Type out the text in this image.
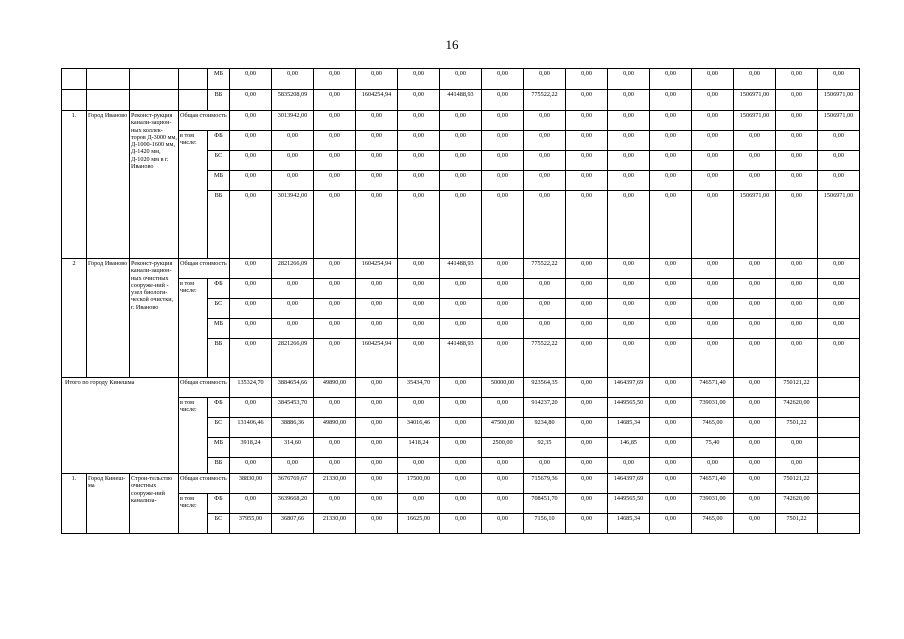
16
				МБ	0,00	0,00	0,00	0,00	0,00	0,00	0,00	0,00	0,00	0,00	0,00	0,00	0,00	0,00	0,00
				ВБ	0,00	5835208,09	0,00	1604254,94	0,00	441488,93	0,00	775522,22	0,00	0,00	0,00	0,00	1506971,00	0,00	1506971,00
1.	Город Иваново	Реконст-рукция канали-зацион-ных коллек-торов Д-3000 мм, Д-1000-1600 мм, Д-1420 мм, Д-1020 мм в г. Иваново	Общая стоимость		0,00	3013942,00	0,00	0,00	0,00	0,00	0,00	0,00	0,00	0,00	0,00	0,00	1506971,00	0,00	1506971,00
			в том числе:	ФБ	0,00	0,00	0,00	0,00	0,00	0,00	0,00	0,00	0,00	0,00	0,00	0,00	0,00	0,00	0,00
				БС	0,00	0,00	0,00	0,00	0,00	0,00	0,00	0,00	0,00	0,00	0,00	0,00	0,00	0,00	0,00
				МБ	0,00	0,00	0,00	0,00	0,00	0,00	0,00	0,00	0,00	0,00	0,00	0,00	0,00	0,00	0,00
				ВБ	0,00	3013942,00	0,00	0,00	0,00	0,00	0,00	0,00	0,00	0,00	0,00	0,00	1506971,00	0,00	1506971,00
2	Город Иваново	Реконст-рукция канали-зацион-ных очистных сооруже-ний - узел биологи-ческой очистки, г. Иваново	Общая стоимость		0,00	2821266,09	0,00	1604254,94	0,00	441488,93	0,00	775522,22	0,00	0,00	0,00	0,00	0,00	0,00	0,00
			в том числе:	ФБ	0,00	0,00	0,00	0,00	0,00	0,00	0,00	0,00	0,00	0,00	0,00	0,00	0,00	0,00	0,00
				БС	0,00	0,00	0,00	0,00	0,00	0,00	0,00	0,00	0,00	0,00	0,00	0,00	0,00	0,00	0,00
				МБ	0,00	0,00	0,00	0,00	0,00	0,00	0,00	0,00	0,00	0,00	0,00	0,00	0,00	0,00	0,00
				ВБ	0,00	2821266,09	0,00	1604254,94	0,00	441488,93	0,00	775522,22	0,00	0,00	0,00	0,00	0,00	0,00	0,00
Итого по городу Кинешма			Общая стоимость		135324,70	3884654,66	49890,00	0,00	35434,70	0,00	50000,00	923564,35	0,00	1464397,69	0,00	746571,40	0,00	750121,22	
			в том числе:	ФБ	0,00	3845453,70	0,00	0,00	0,00	0,00	0,00	914237,20	0,00	1449565,50	0,00	739031,00	0,00	742620,00	
				БС	131406,46	38886,36	49890,00	0,00	34016,46	0,00	47500,00	9234,80	0,00	14685,34	0,00	7465,00	0,00	7501,22	
				МБ	3918,24	314,60	0,00	0,00	1418,24	0,00	2500,00	92,35	0,00	146,85	0,00	75,40	0,00	0,00	
				ВБ	0,00	0,00	0,00	0,00	0,00	0,00	0,00	0,00	0,00	0,00	0,00	0,00	0,00	0,00	
1.	Город Кинеш-ма	Строи-тельство очистных сооруже-ний канализа-	Общая стоимость		38830,00	3676769,67	21330,00	0,00	17500,00	0,00	0,00	715679,36	0,00	1464397,69	0,00	746571,40	0,00	750121,22	
			в том числе:	ФБ	0,00	3639668,20	0,00	0,00	0,00	0,00	0,00	708451,70	0,00	1449565,50	0,00	739031,00	0,00	742620,00	
				БС	37955,00	36807,66	21330,00	0,00	16625,00	0,00	0,00	7156,10	0,00	14685,34	0,00	7465,00	0,00	7501,22	
